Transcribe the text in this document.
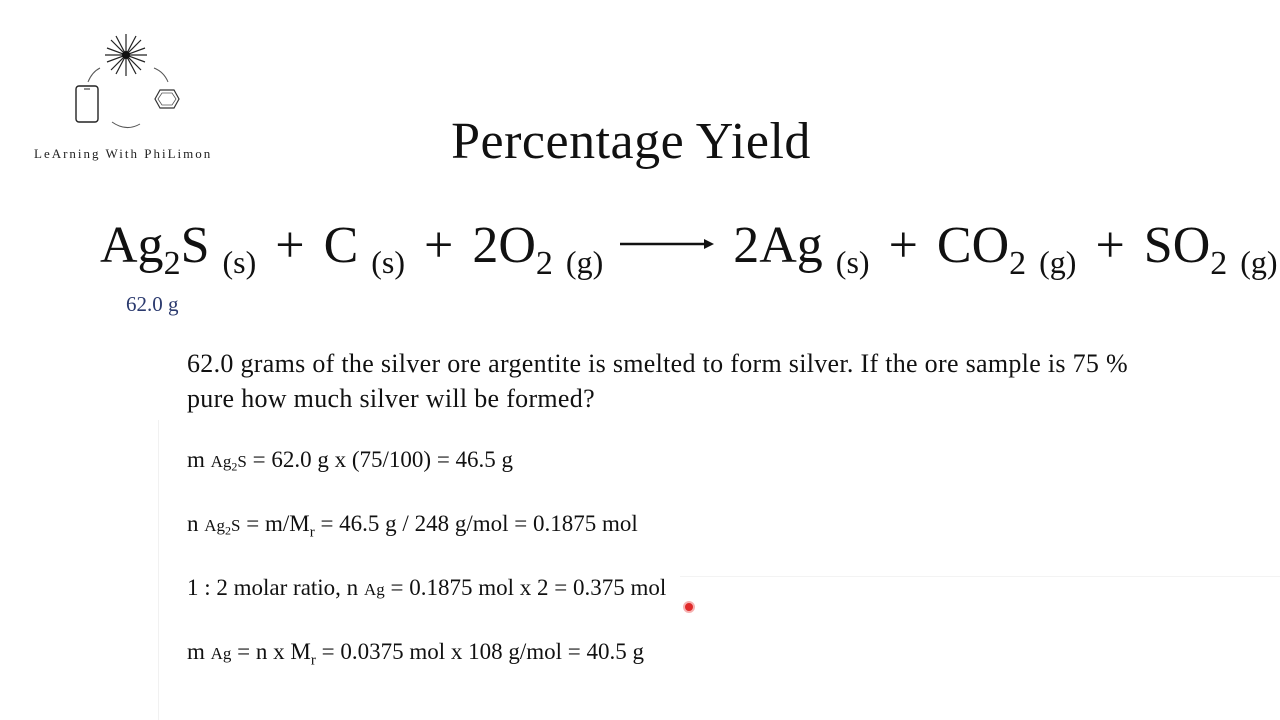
LeArning With PhiLimon	Percentage Yield
$Ag_2S$ $_{(s)}$ + C $_{(s)} + 2O_2$ $_{(g)}$ → 2Ag $_{(s)} + CO_2$ $_{(g)} + SO_2$ $_{(g)}$
62.0 g
62.0 grams of the silver ore argentite is smelted to form silver. If the ore sample is 75 % pure how much silver will be formed?
m $Ag_2S = 62.0$ g x (75/100) = 46.5 g
n $Ag_2S = m/M_r = 46.5$ g / 248 g/mol = 0.1875 mol
1 : 2 molar ratio, n Ag = 0.1875 mol x 2 = 0.375 mol
m Ag = n x $M_r = 0.0375$ mol x 108 g/mol = 40.5 g
